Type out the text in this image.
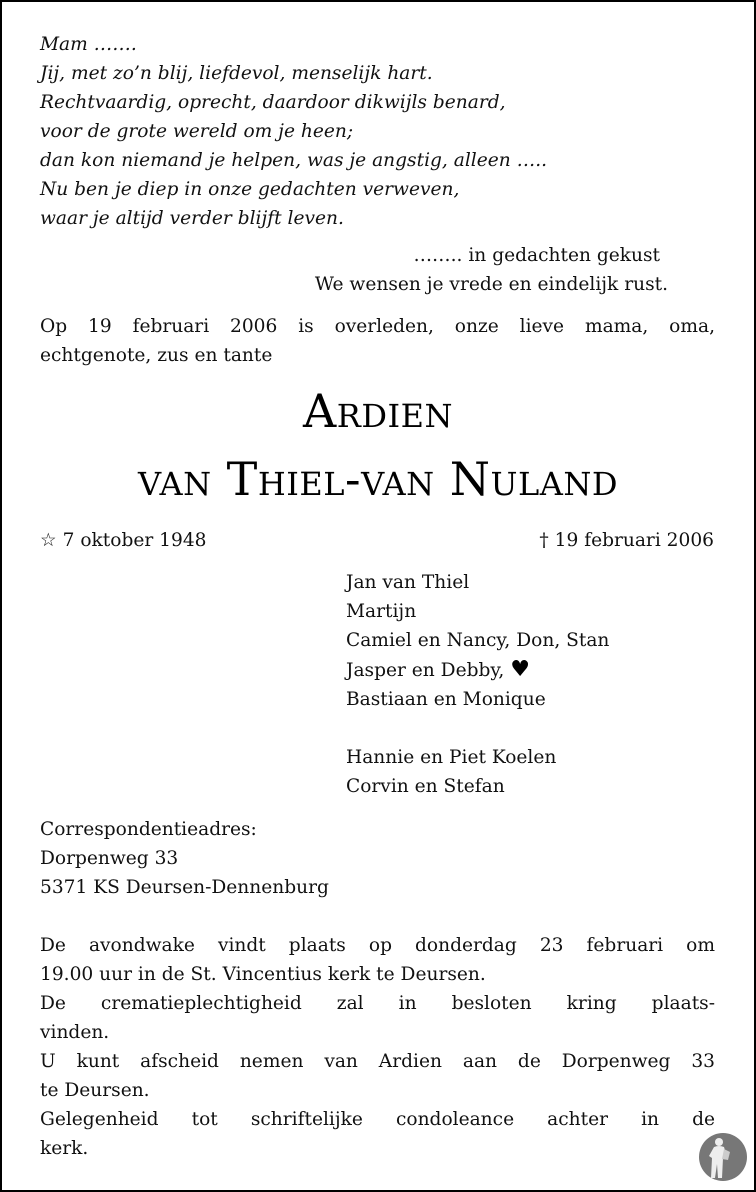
Mam …….
Jij, met zo’n blij, liefdevol, menselijk hart.
Rechtvaardig, oprecht, daardoor dikwijls benard,
voor de grote wereld om je heen;
dan kon niemand je helpen, was je angstig, alleen …..
Nu ben je diep in onze gedachten verweven,
waar je altijd verder blijft leven.
…….. in gedachten gekust
We wensen je vrede en eindelijk rust.
Op 19 februari 2006 is overleden, onze lieve mama, oma,
echtgenote, zus en tante
Ardien
van Thiel-van Nuland
☆ 7 oktober 1948	† 19 februari 2006
Jan van Thiel
Martijn
Camiel en Nancy, Don, Stan
Jasper en Debby, ♥
Bastiaan en Monique
Hannie en Piet Koelen
Corvin en Stefan
Correspondentieadres:
Dorpenweg 33
5371 KS Deursen-Dennenburg
De avondwake vindt plaats op donderdag 23 februari om
19.00 uur in de St. Vincentius kerk te Deursen.
De crematieplechtigheid zal in besloten kring plaats-
vinden.
U kunt afscheid nemen van Ardien aan de Dorpenweg 33
te Deursen.
Gelegenheid tot schriftelijke condoleance achter in de
kerk.
